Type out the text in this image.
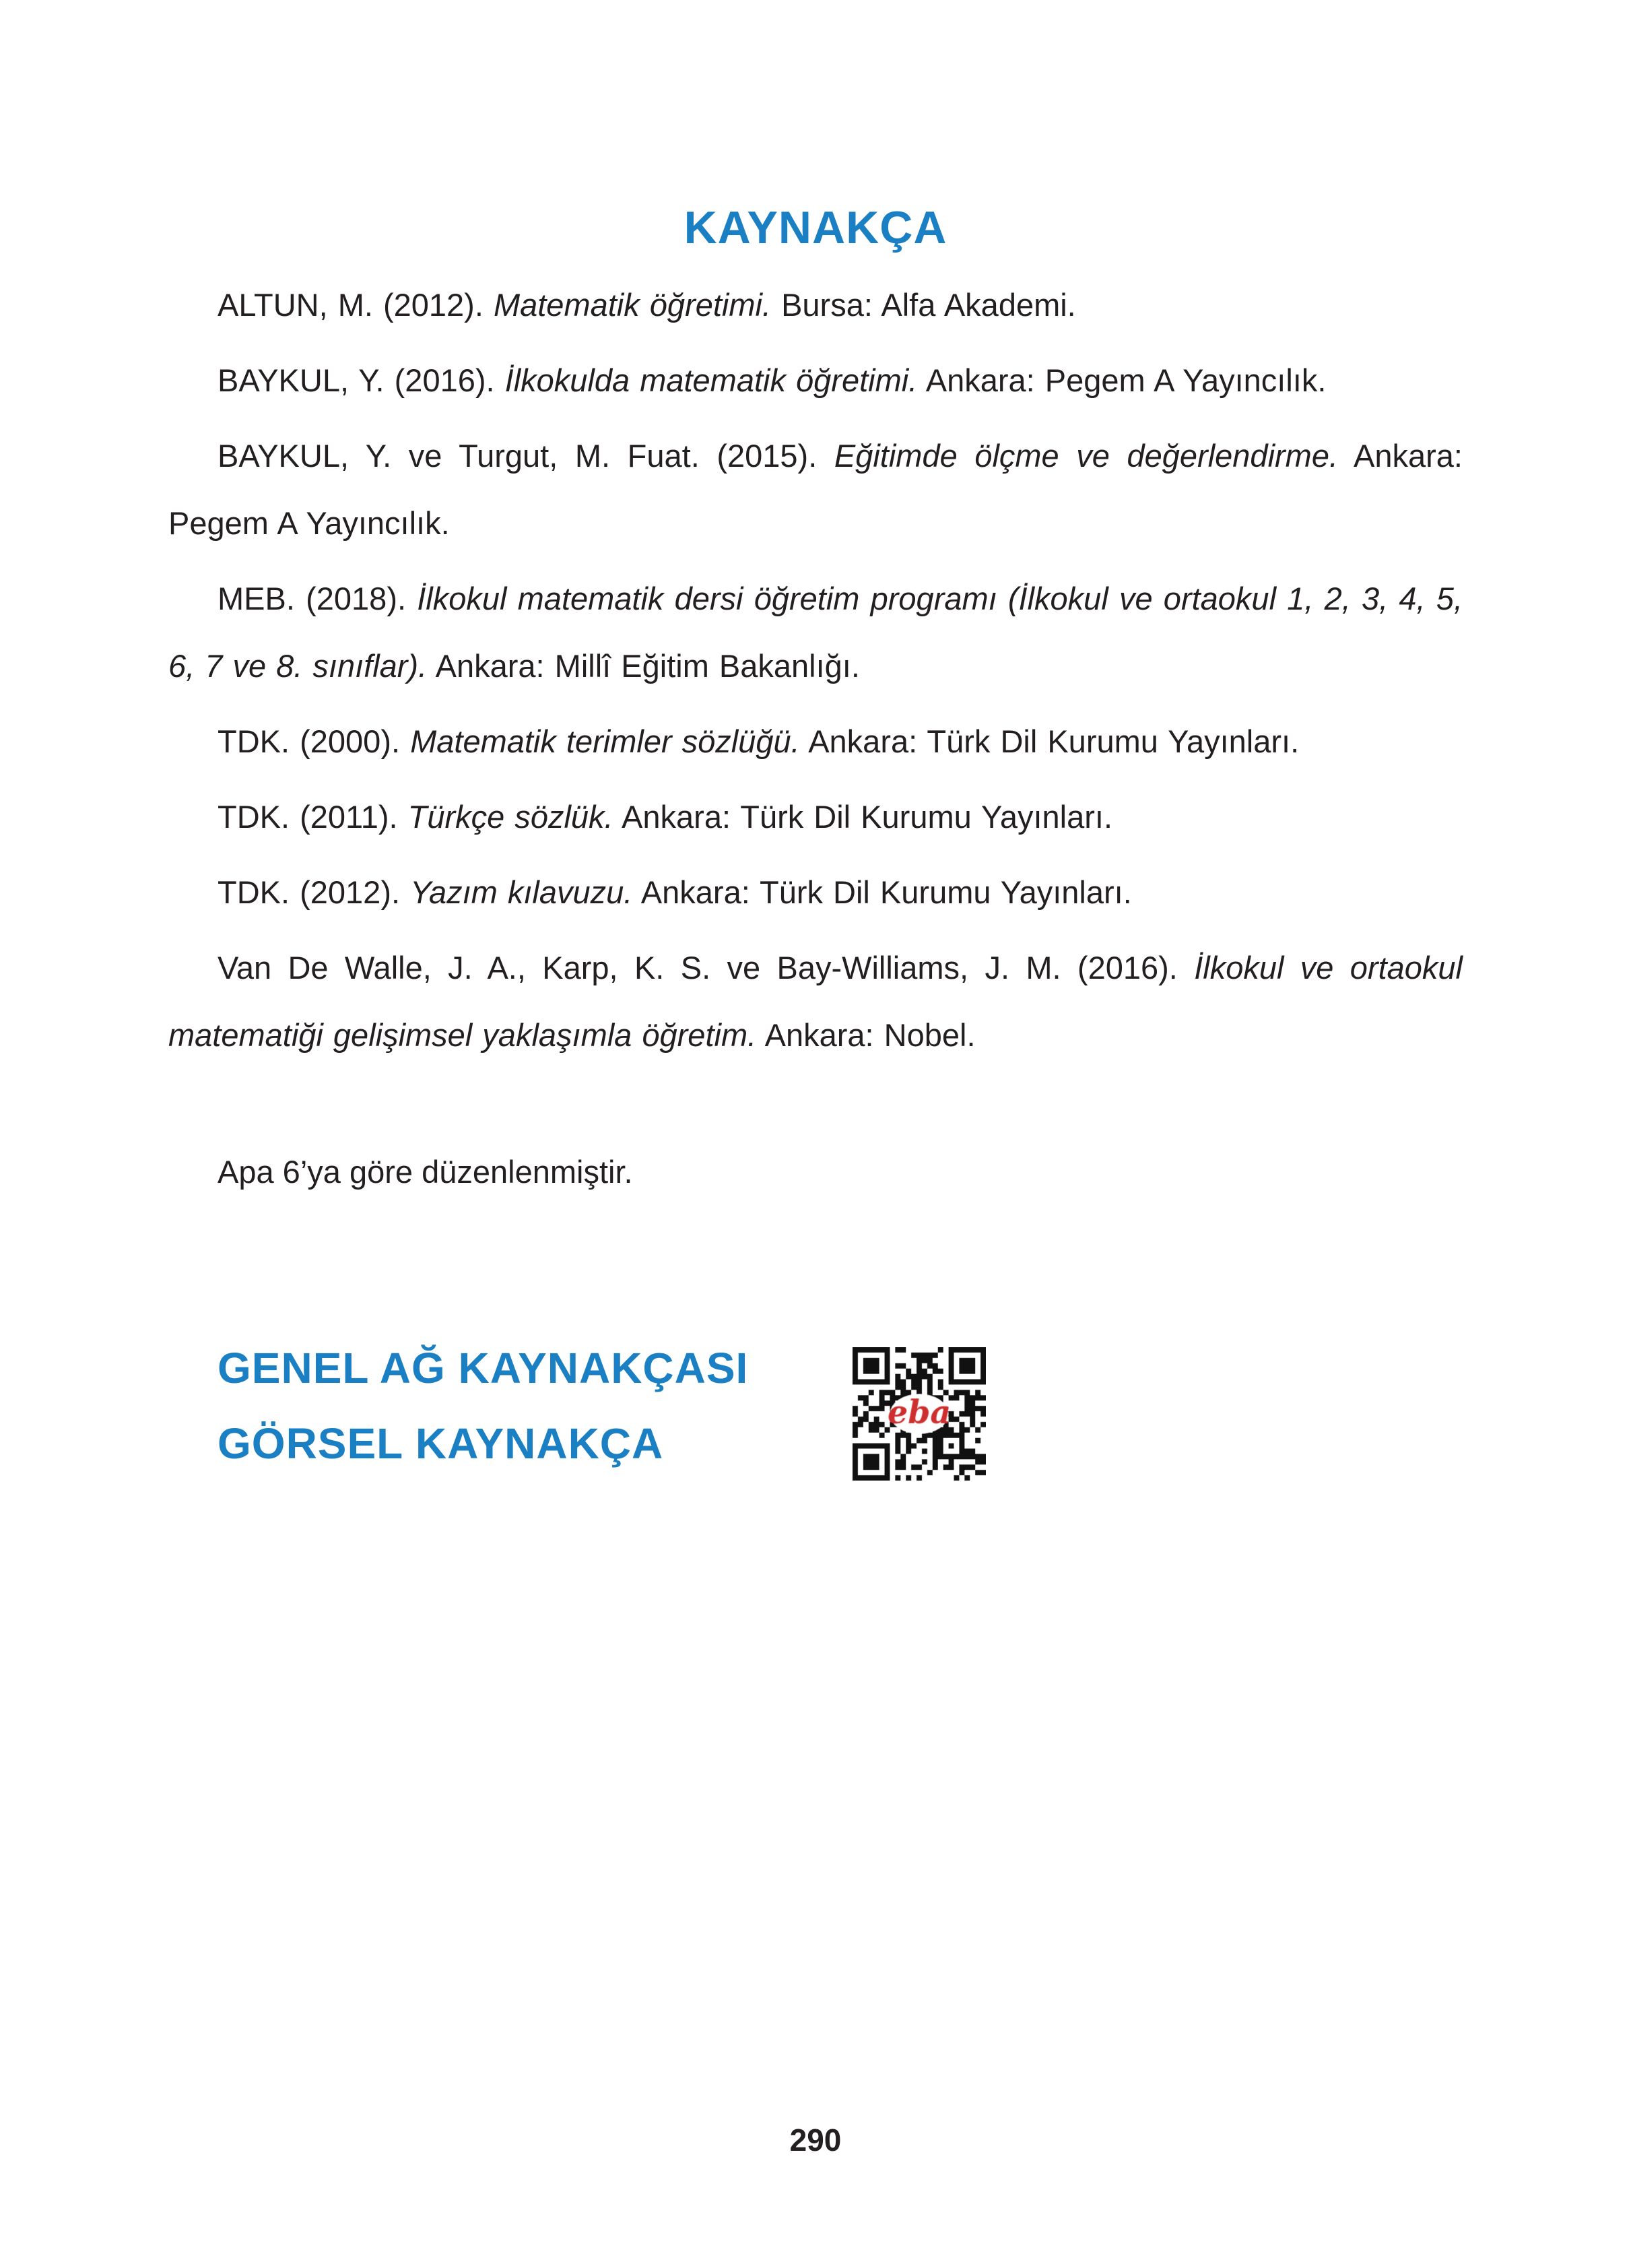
KAYNAKÇA

ALTUN, M. (2012). Matematik öğretimi. Bursa: Alfa Akademi.

BAYKUL, Y. (2016). İlkokulda matematik öğretimi. Ankara: Pegem A Yayıncılık.

BAYKUL, Y. ve Turgut, M. Fuat. (2015). Eğitimde ölçme ve değerlendirme. Ankara: Pegem A Yayıncılık.

MEB. (2018). İlkokul matematik dersi öğretim programı (İlkokul ve ortaokul 1, 2, 3, 4, 5, 6, 7 ve 8. sınıflar). Ankara: Millî Eğitim Bakanlığı.

TDK. (2000). Matematik terimler sözlüğü. Ankara: Türk Dil Kurumu Yayınları.

TDK. (2011). Türkçe sözlük. Ankara: Türk Dil Kurumu Yayınları.

TDK. (2012). Yazım kılavuzu. Ankara: Türk Dil Kurumu Yayınları.

Van De Walle, J. A., Karp, K. S. ve Bay-Williams, J. M. (2016). İlkokul ve ortaokul matematiği gelişimsel yaklaşımla öğretim. Ankara: Nobel.

Apa 6’ya göre düzenlenmiştir.

GENEL AĞ KAYNAKÇASI
GÖRSEL KAYNAKÇA
290
